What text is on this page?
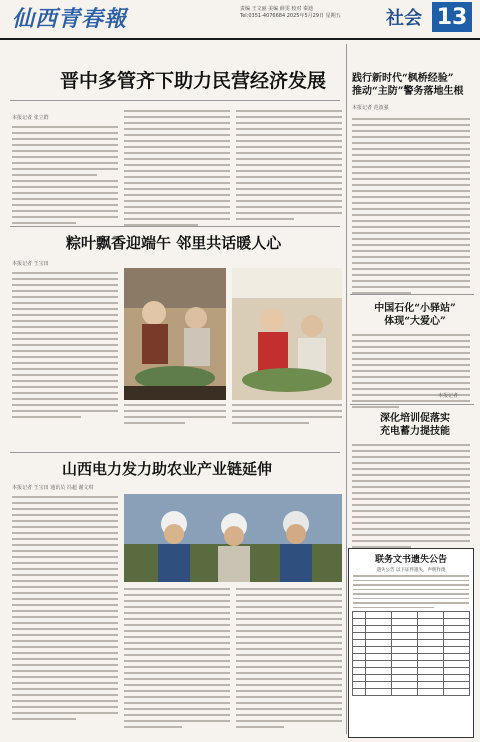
仙西青春報	责编 王文丽 美编 薛雯 校对 秦迪
Tel:0351-4076684 2025年5月29日 星期五	社会 13
晋中多管齐下助力民营经济发展
本报记者 张立群
践行新时代“枫桥经验”
推动“主防”警务落地生根
本报记者 范波强
粽叶飘香迎端午 邻里共话暖人心
本报记者 王宝田
中国石化“小驿站”
体现“大爱心”
本报记者
深化培训促落实
充电蓄力提技能
山西电力发力助农业产业链延伸
本报记者 王宝田 通讯员 冯超 谢文琪
联务文书遗失公告
遗失公告 以下证件遗失，声明作废
